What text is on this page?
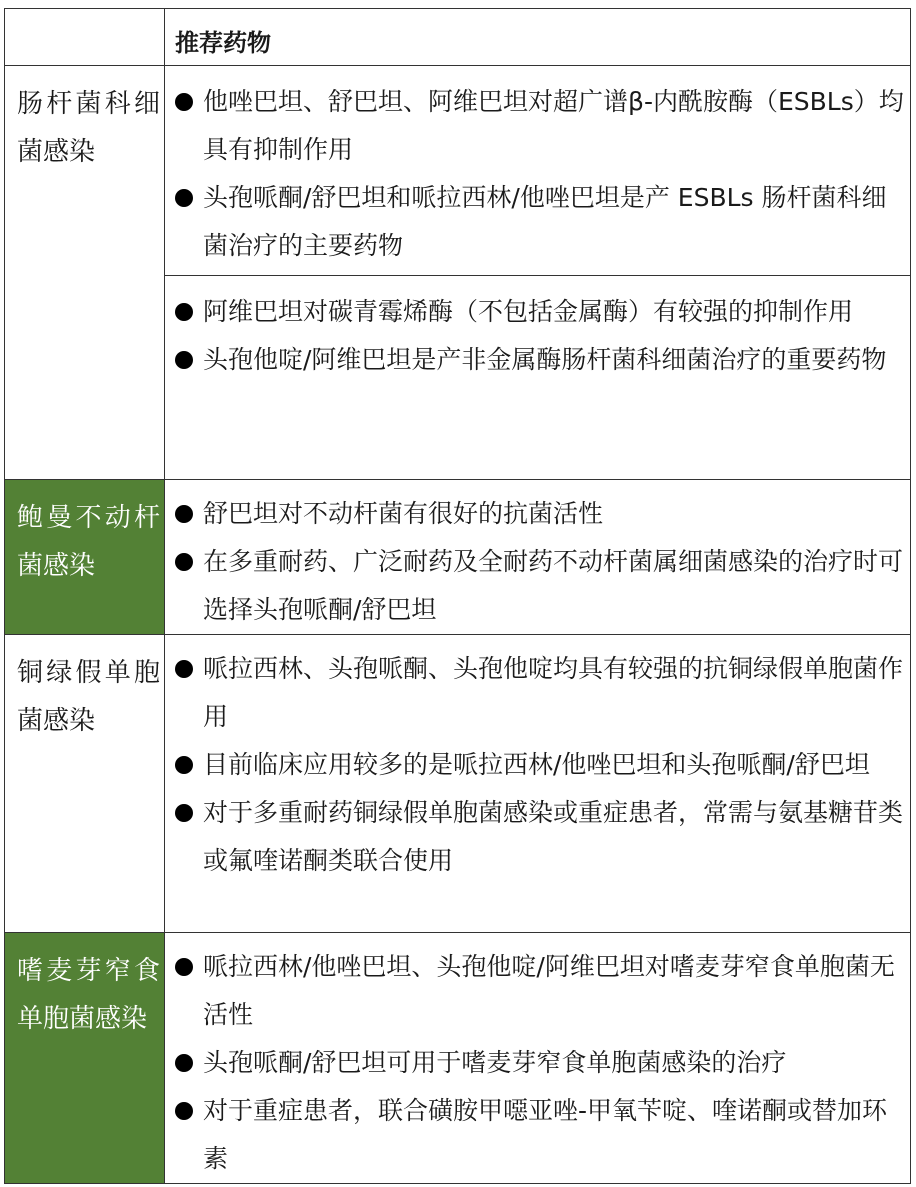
	推荐药物
肠杆菌科细菌感染	他唑巴坦、舒巴坦、阿维巴坦对超广谱β-内酰胺酶（ESBLs）均具有抑制作用
头孢哌酮/舒巴坦和哌拉西林/他唑巴坦是产 ESBLs 肠杆菌科细菌治疗的主要药物

阿维巴坦对碳青霉烯酶（不包括金属酶）有较强的抑制作用
头孢他啶/阿维巴坦是产非金属酶肠杆菌科细菌治疗的重要药物

鲍曼不动杆菌感染	舒巴坦对不动杆菌有很好的抗菌活性
在多重耐药、广泛耐药及全耐药不动杆菌属细菌感染的治疗时可选择头孢哌酮/舒巴坦

铜绿假单胞菌感染	哌拉西林、头孢哌酮、头孢他啶均具有较强的抗铜绿假单胞菌作用
目前临床应用较多的是哌拉西林/他唑巴坦和头孢哌酮/舒巴坦
对于多重耐药铜绿假单胞菌感染或重症患者，常需与氨基糖苷类或氟喹诺酮类联合使用

嗜麦芽窄食单胞菌感染	哌拉西林/他唑巴坦、头孢他啶/阿维巴坦对嗜麦芽窄食单胞菌无活性
头孢哌酮/舒巴坦可用于嗜麦芽窄食单胞菌感染的治疗
对于重症患者，联合磺胺甲噁亚唑-甲氧苄啶、喹诺酮或替加环素
